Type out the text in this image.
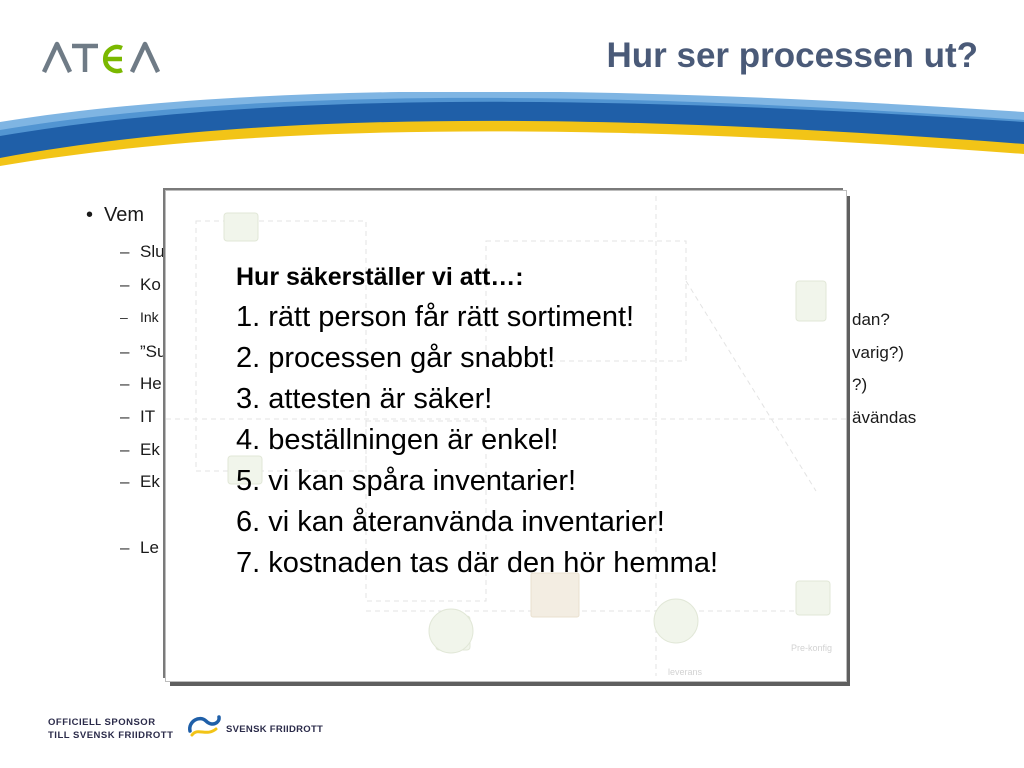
Hur ser processen ut?
• Vem
– Slu
– Ko
– Ink
– ”Su
– He
– IT
– Ek
– Ek
– Le
dan?
varig?)
?)
ävändas
Pre-konfig
leverans
Hur säkerställer vi att…:
1. rätt person får rätt sortiment!
2. processen går snabbt!
3. attesten är säker!
4. beställningen är enkel!
5. vi kan spåra inventarier!
6. vi kan återanvända inventarier!
7. kostnaden tas där den hör hemma!
OFFICIELL SPONSOR
TILL SVENSK FRIIDROTT
SVENSK FRIIDROTT
